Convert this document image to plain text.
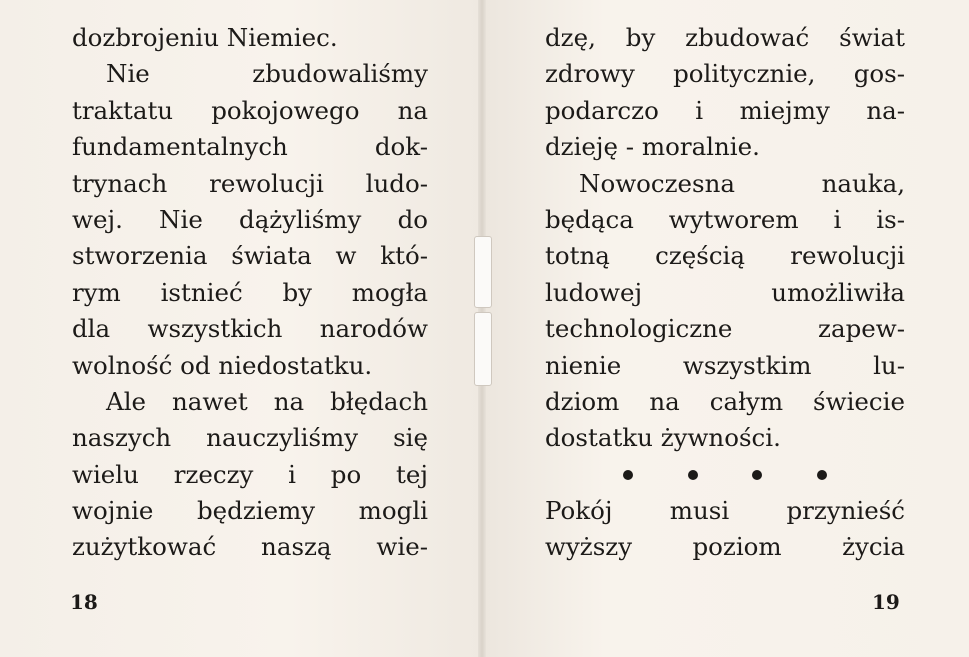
dozbrojeniu Niemiec.
Nie zbudowaliśmy
traktatu pokojowego na
fundamentalnych dok-
trynach rewolucji ludo-
wej. Nie dążyliśmy do
stworzenia świata w któ-
rym istnieć by mogła
dla wszystkich narodów
wolność od niedostatku.
Ale nawet na błędach
naszych nauczyliśmy się
wielu rzeczy i po tej
wojnie będziemy mogli
zużytkować naszą wie-
18
dzę, by zbudować świat
zdrowy politycznie, gos-
podarczo i miejmy na-
dzieję - moralnie.
Nowoczesna nauka,
będąca wytworem i is-
totną częścią rewolucji
ludowej umożliwiła
technologiczne zapew-
nienie wszystkim lu-
dziom na całym świecie
dostatku żywności.
Pokój musi przynieść
wyższy poziom życia
19
